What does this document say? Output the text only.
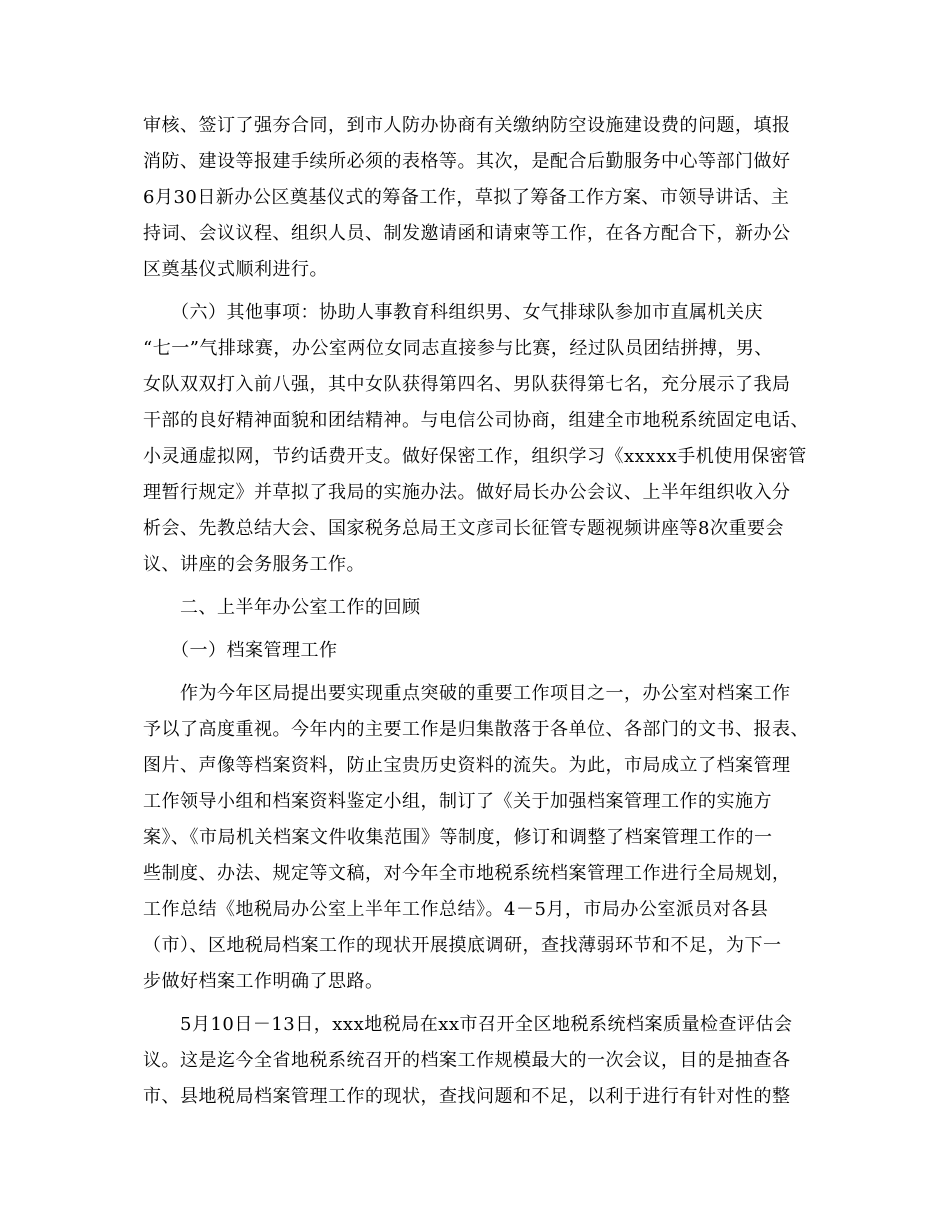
审核、签订了强夯合同，到市人防办协商有关缴纳防空设施建设费的问题，填报
消防、建设等报建手续所必须的表格等。其次，是配合后勤服务中心等部门做好
6月30日新办公区奠基仪式的筹备工作，草拟了筹备工作方案、市领导讲话、主
持词、会议议程、组织人员、制发邀请函和请柬等工作，在各方配合下，新办公
区奠基仪式顺利进行。
　　（六）其他事项：协助人事教育科组织男、女气排球队参加市直属机关庆
“七一”气排球赛，办公室两位女同志直接参与比赛，经过队员团结拼搏，男、
女队双双打入前八强，其中女队获得第四名、男队获得第七名，充分展示了我局
干部的良好精神面貌和团结精神。与电信公司协商，组建全市地税系统固定电话、
小灵通虚拟网，节约话费开支。做好保密工作，组织学习《xxxxx手机使用保密管
理暂行规定》并草拟了我局的实施办法。做好局长办公会议、上半年组织收入分
析会、先教总结大会、国家税务总局王文彦司长征管专题视频讲座等8次重要会
议、讲座的会务服务工作。
　　二、上半年办公室工作的回顾
　　（一）档案管理工作
　　作为今年区局提出要实现重点突破的重要工作项目之一，办公室对档案工作
予以了高度重视。今年内的主要工作是归集散落于各单位、各部门的文书、报表、
图片、声像等档案资料，防止宝贵历史资料的流失。为此，市局成立了档案管理
工作领导小组和档案资料鉴定小组，制订了《关于加强档案管理工作的实施方
案》、《市局机关档案文件收集范围》等制度，修订和调整了档案管理工作的一
些制度、办法、规定等文稿，对今年全市地税系统档案管理工作进行全局规划，
工作总结《地税局办公室上半年工作总结》。4－5月，市局办公室派员对各县
（市）、区地税局档案工作的现状开展摸底调研，查找薄弱环节和不足，为下一
步做好档案工作明确了思路。
　　5月10日－13日，xxx地税局在xx市召开全区地税系统档案质量检查评估会
议。这是迄今全省地税系统召开的档案工作规模最大的一次会议，目的是抽查各
市、县地税局档案管理工作的现状，查找问题和不足，以利于进行有针对性的整
